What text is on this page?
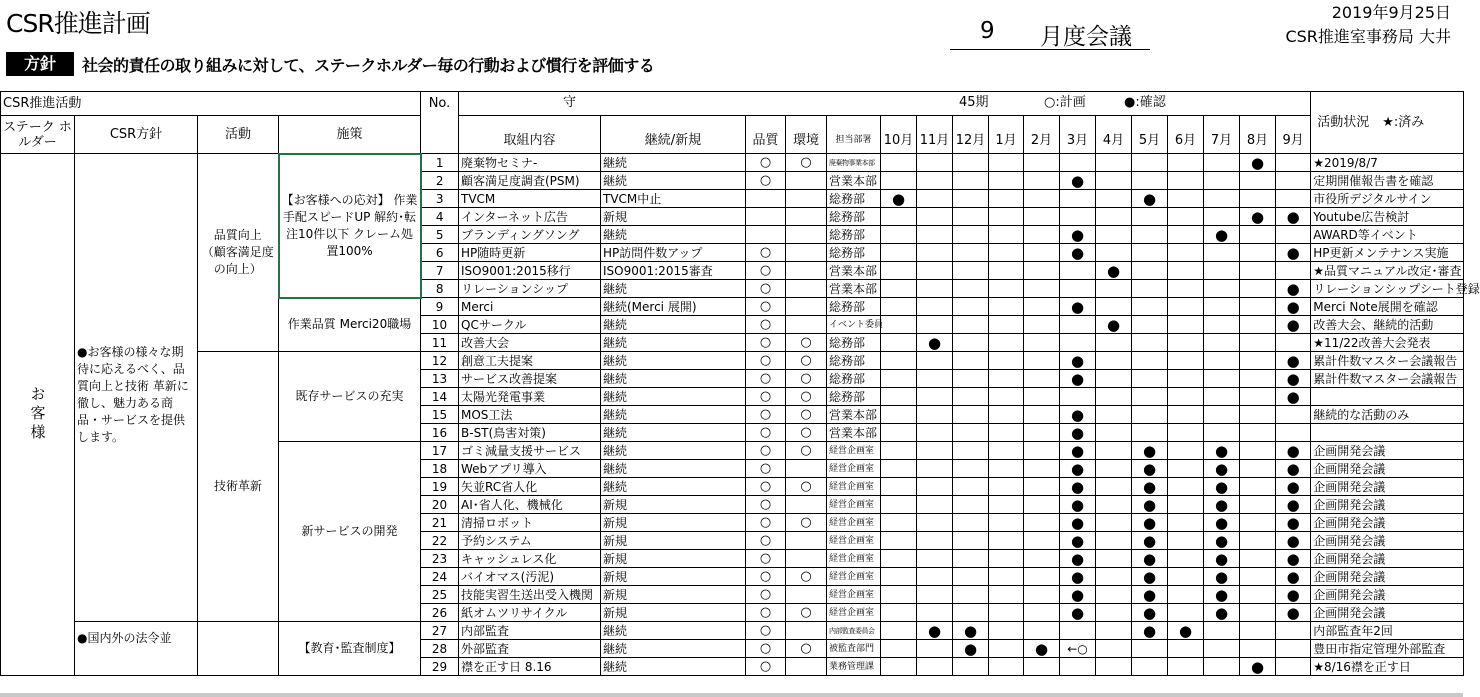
CSR推進計画
方針	社会的責任の取り組みに対して、ステークホルダー毎の行動および慣行を評価する
9 月度会議
2019年9月25日
CSR推進室事務局 大井
CSR推進活動				No.	守 45期 ○:計画 ●:確認																	活動状況　★:済み
ステーク ホルダー	CSR方針	活動	施策		取組内容	継続/新規	品質	環境	担当部署	10月	11月	12月	1月	2月	3月	4月	5月	6月	7月	8月	9月	
お客様	●お客様の様々な期待に応えるべく、品質向上と技術 革新に徹し、魅力ある商品・サービスを提供します。	品質向上 （顧客満足度 の向上）	【お客様への応対】 作業手配スピードUP 解約･転注10件以下 クレーム処置100%	1	廃棄物セミナ-	継続	○	○	廃棄物事業本部											●		★2019/8/7
				2	顧客満足度調査(PSM)	継続	○		営業本部						●							定期開催報告書を確認
				3	TVCM	TVCM中止			総務部	●							●					市役所デジタルサイン
				4	インターネット広告	新規			総務部											●	●	Youtube広告検討
				5	ブランディングソング	継続			総務部						●				●			AWARD等イベント
				6	HP随時更新	HP訪問件数アップ	○		総務部						●						●	HP更新メンテナンス実施
				7	ISO9001:2015移行	ISO9001:2015審査	○		営業本部							●						★品質マニュアル改定･審査
				8	リレーションシップ	継続	○		営業本部												●	リレーションシップシート登録
			作業品質 Merci20職場	9	Merci	継続(Merci 展開)	○		総務部						●						●	Merci Note展開を確認
				10	QCサークル	継続	○		イベント委員							●					●	改善大会、継続的活動
				11	改善大会	継続	○	○	総務部		●											★11/22改善大会発表
		技術革新	既存サービスの充実	12	創意工夫提案	継続	○	○	総務部						●						●	累計件数マスター会議報告
				13	サービス改善提案	継続	○	○	総務部						●						●	累計件数マスター会議報告
				14	太陽光発電事業	継続	○	○	総務部												●	
				15	MOS工法	継続	○	○	営業本部						●							継続的な活動のみ
				16	B-ST(鳥害対策)	継続	○	○	営業本部						●							
			新サービスの開発	17	ゴミ減量支援サービス	継続	○	○	経営企画室						●		●		●		●	企画開発会議
				18	Webアプリ導入	継続	○		経営企画室						●		●		●		●	企画開発会議
				19	矢並RC省人化	継続	○	○	経営企画室						●		●		●		●	企画開発会議
				20	AI･省人化、機械化	新規	○		経営企画室						●		●		●		●	企画開発会議
				21	清掃ロボット	新規	○	○	経営企画室						●		●		●		●	企画開発会議
				22	予約システム	新規	○		経営企画室						●		●		●		●	企画開発会議
				23	キャッシュレス化	新規	○		経営企画室						●		●		●		●	企画開発会議
				24	バイオマス(汚泥)	新規	○	○	経営企画室						●		●		●		●	企画開発会議
				25	技能実習生送出受入機関	新規	○		経営企画室						●		●		●		●	企画開発会議
				26	紙オムツリサイクル	新規	○	○	経営企画室						●		●		●		●	企画開発会議
	●国内外の法令並		【教育･監査制度】	27	内部監査	継続	○		内部監査委員会		●	●					●	●				内部監査年2回
				28	外部監査	継続	○	○	被監査部門			●		●	←○							豊田市指定管理外部監査
				29	襟を正す日 8.16	継続	○		業務管理課											●		★8/16襟を正す日
